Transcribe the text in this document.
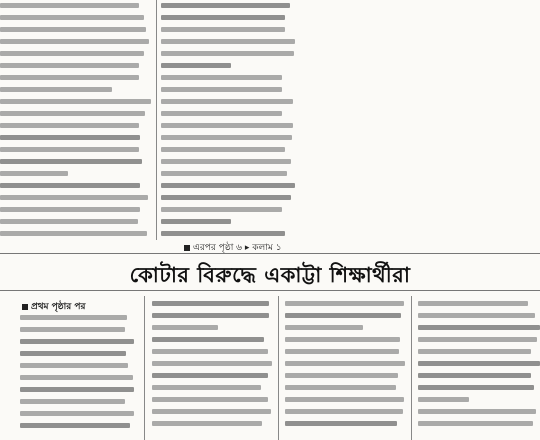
এরপর পৃষ্ঠা ৬ ▸ কলাম ১
কোটার বিরুদ্ধে একাট্টা শিক্ষার্থীরা
প্রথম পৃষ্ঠার পর
